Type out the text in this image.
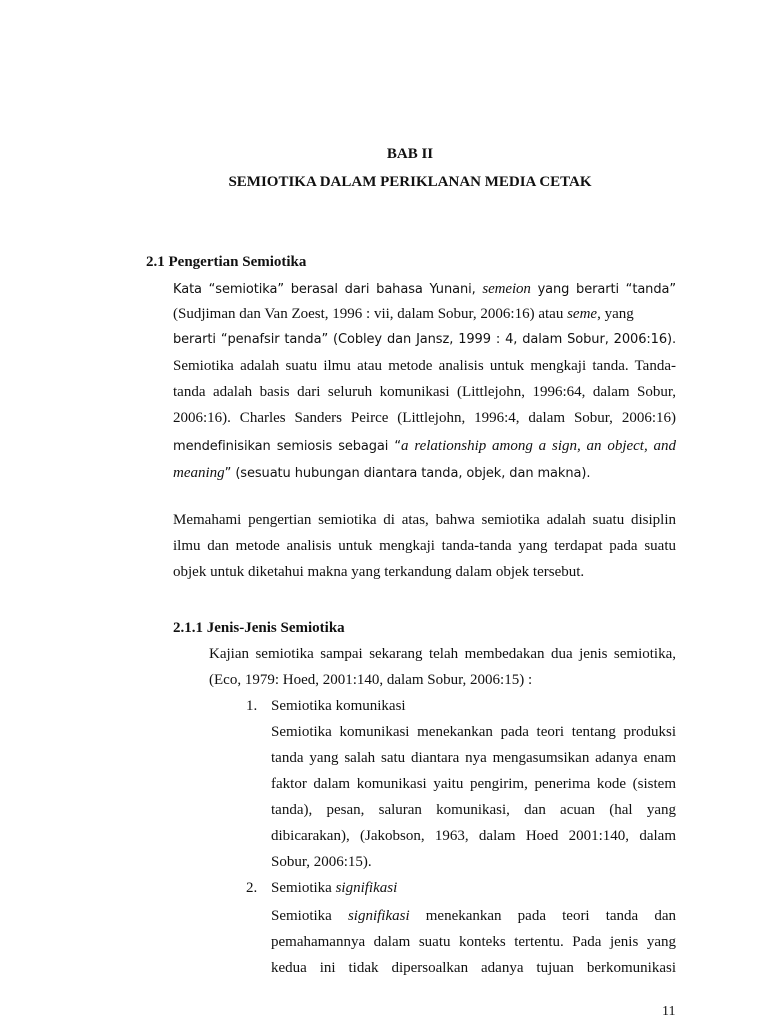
BAB II
SEMIOTIKA DALAM PERIKLANAN MEDIA CETAK
2.1 Pengertian Semiotika
Kata “semiotika” berasal dari bahasa Yunani, semeion yang berarti “tanda”
(Sudjiman dan Van Zoest, 1996 : vii, dalam Sobur, 2006:16) atau seme, yang
berarti “penafsir tanda” (Cobley dan Jansz, 1999 : 4, dalam Sobur, 2006:16).
Semiotika adalah suatu ilmu atau metode analisis untuk mengkaji tanda. Tanda-
tanda adalah basis dari seluruh komunikasi (Littlejohn, 1996:64, dalam Sobur,
2006:16). Charles Sanders Peirce (Littlejohn, 1996:4, dalam Sobur, 2006:16)
mendefinisikan semiosis sebagai “a relationship among a sign, an object, and
meaning” (sesuatu hubungan diantara tanda, objek, dan makna).
Memahami pengertian semiotika di atas, bahwa semiotika adalah suatu disiplin
ilmu dan metode analisis untuk mengkaji tanda-tanda yang terdapat pada suatu
objek untuk diketahui makna yang terkandung dalam objek tersebut.
2.1.1 Jenis-Jenis Semiotika
Kajian semiotika sampai sekarang telah membedakan dua jenis semiotika,
(Eco, 1979: Hoed, 2001:140, dalam Sobur, 2006:15) :
1. Semiotika komunikasi
Semiotika komunikasi menekankan pada teori tentang produksi
tanda yang salah satu diantara nya mengasumsikan adanya enam
faktor dalam komunikasi yaitu pengirim, penerima kode (sistem
tanda), pesan, saluran komunikasi, dan acuan (hal yang
dibicarakan), (Jakobson, 1963, dalam Hoed 2001:140, dalam
Sobur, 2006:15).
2. Semiotika signifikasi
Semiotika signifikasi menekankan pada teori tanda dan
pemahamannya dalam suatu konteks tertentu. Pada jenis yang
kedua ini tidak dipersoalkan adanya tujuan berkomunikasi
11
